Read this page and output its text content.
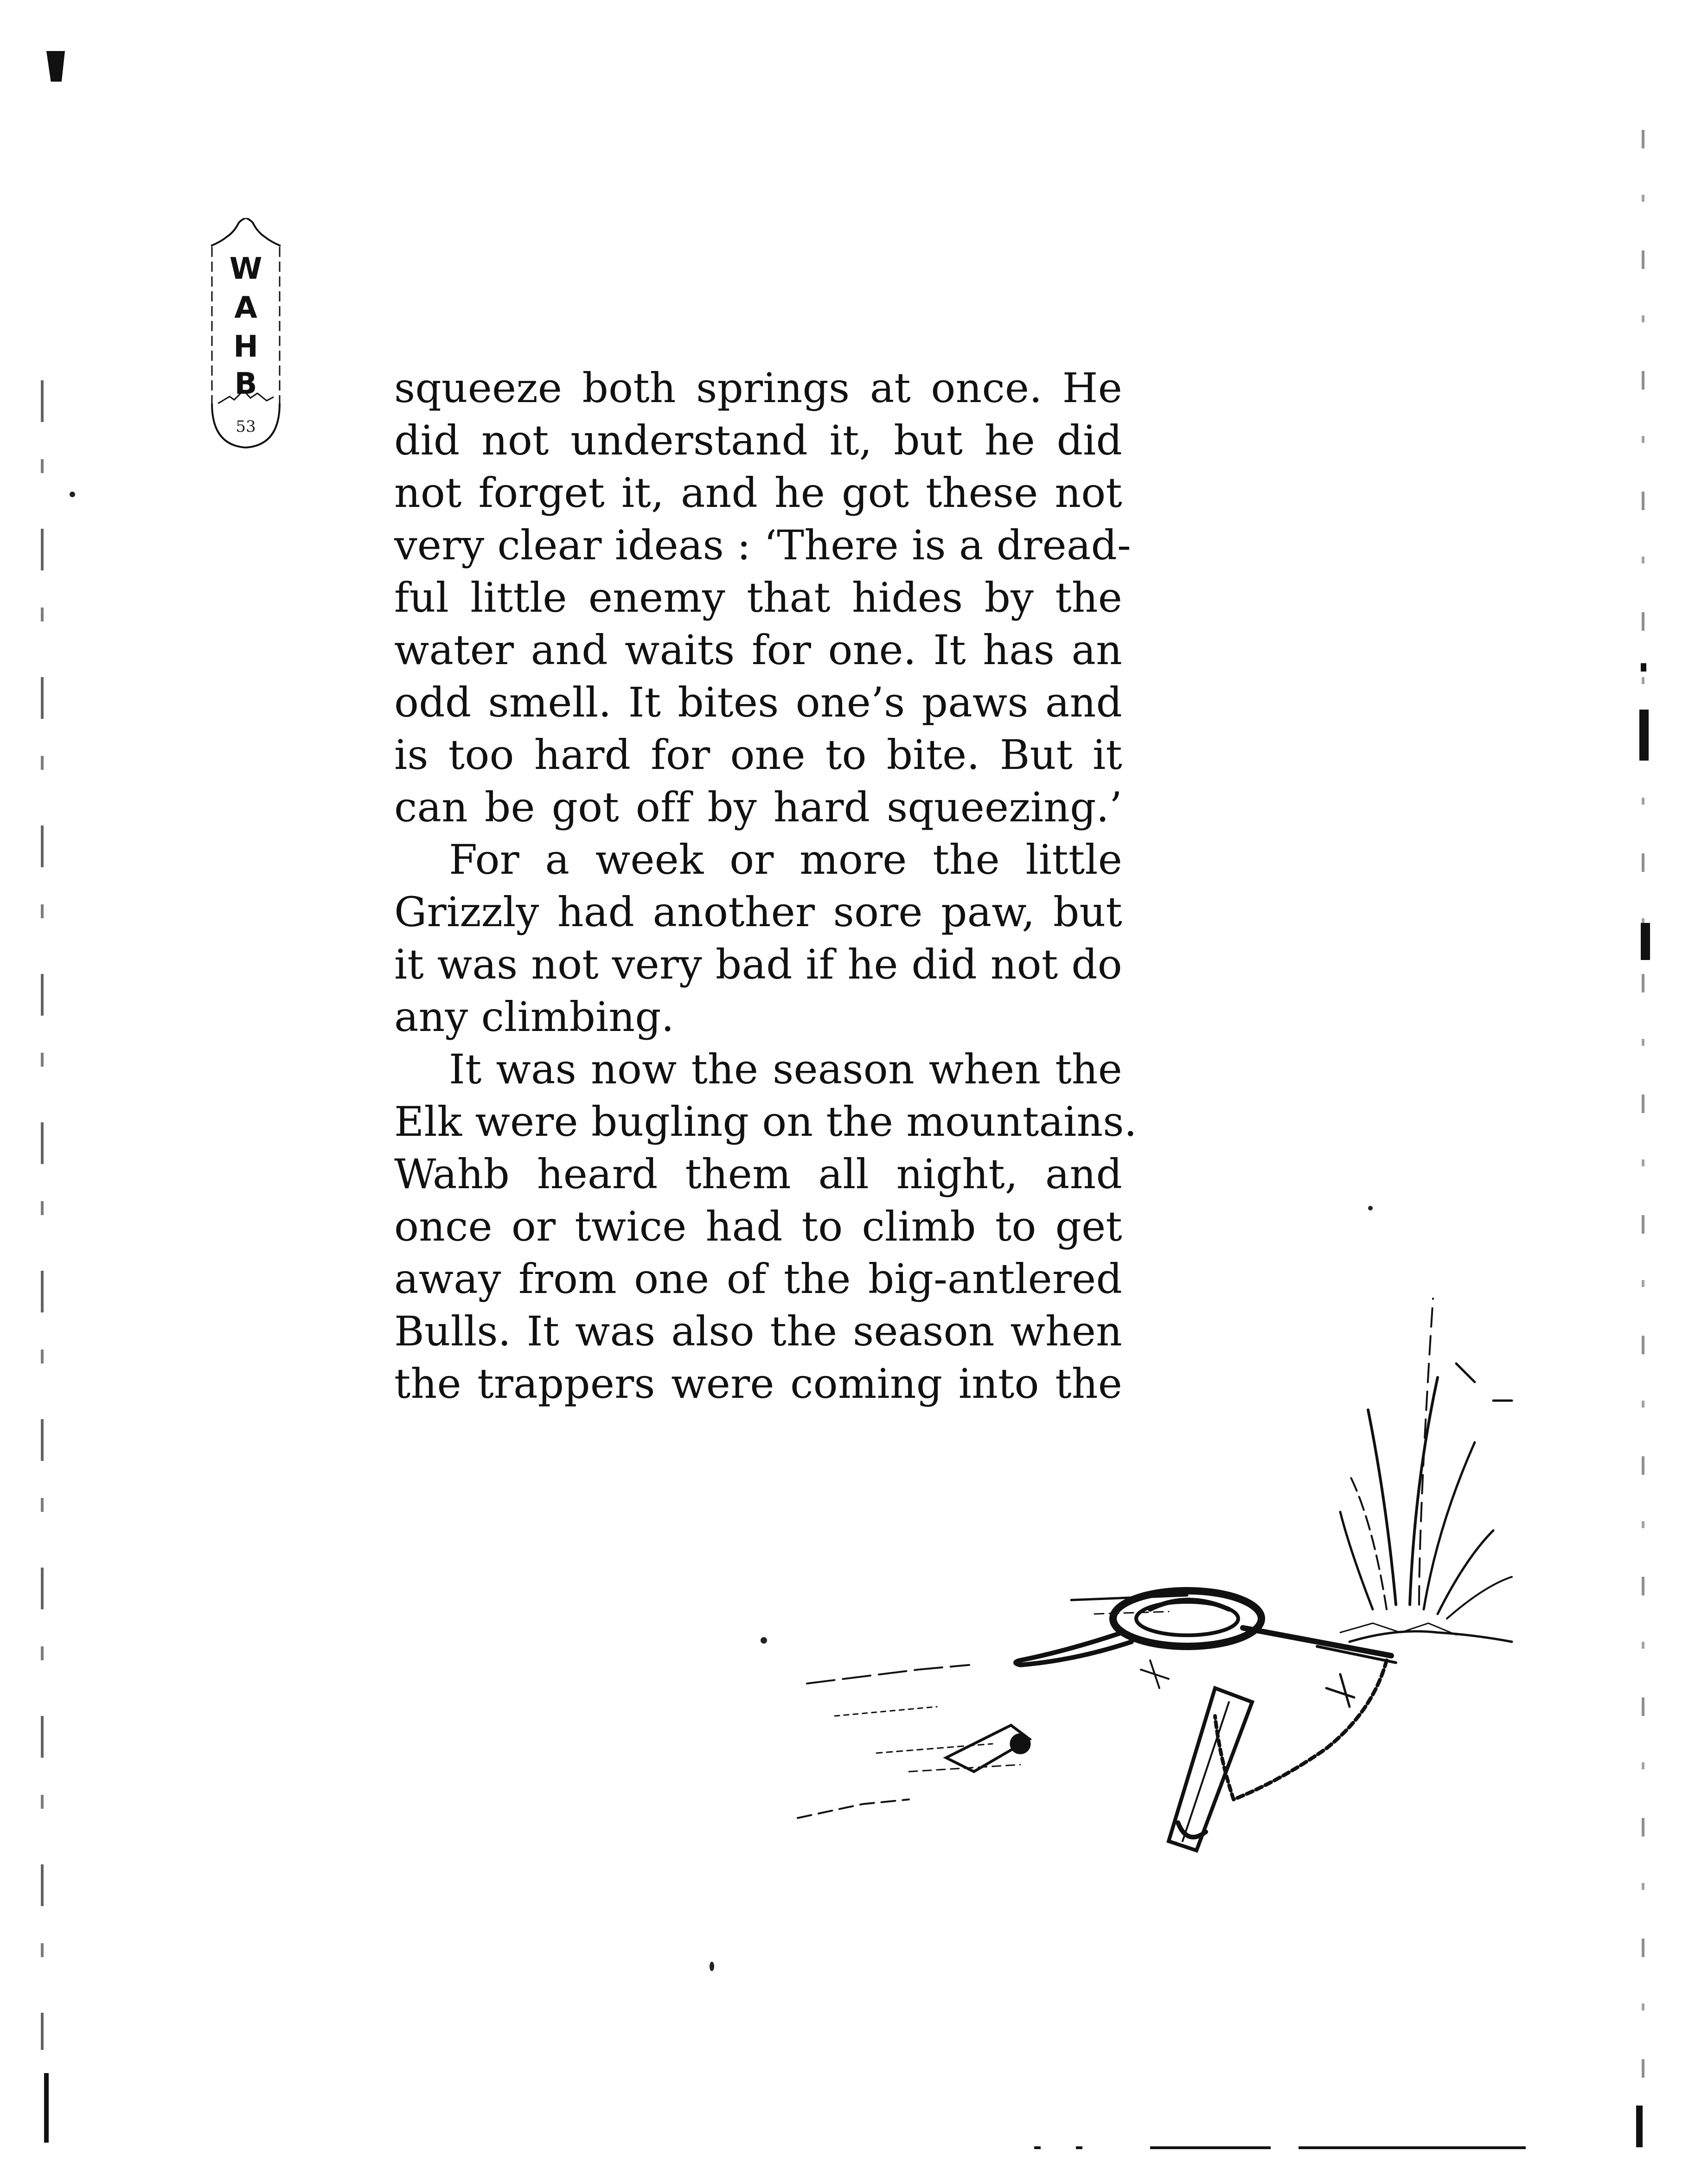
W
A
H
B
53
squeeze both springs at once. He
did not understand it, but he did
not forget it, and he got these not
very clear ideas : ‘There is a dread-
ful little enemy that hides by the
water and waits for one. It has an
odd smell. It bites one’s paws and
is too hard for one to bite. But it
can be got off by hard squeezing.’
For a week or more the little
Grizzly had another sore paw, but
it was not very bad if he did not do
any climbing.
It was now the season when the
Elk were bugling on the mountains.
Wahb heard them all night, and
once or twice had to climb to get
away from one of the big-antlered
Bulls. It was also the season when
the trappers were coming into the
